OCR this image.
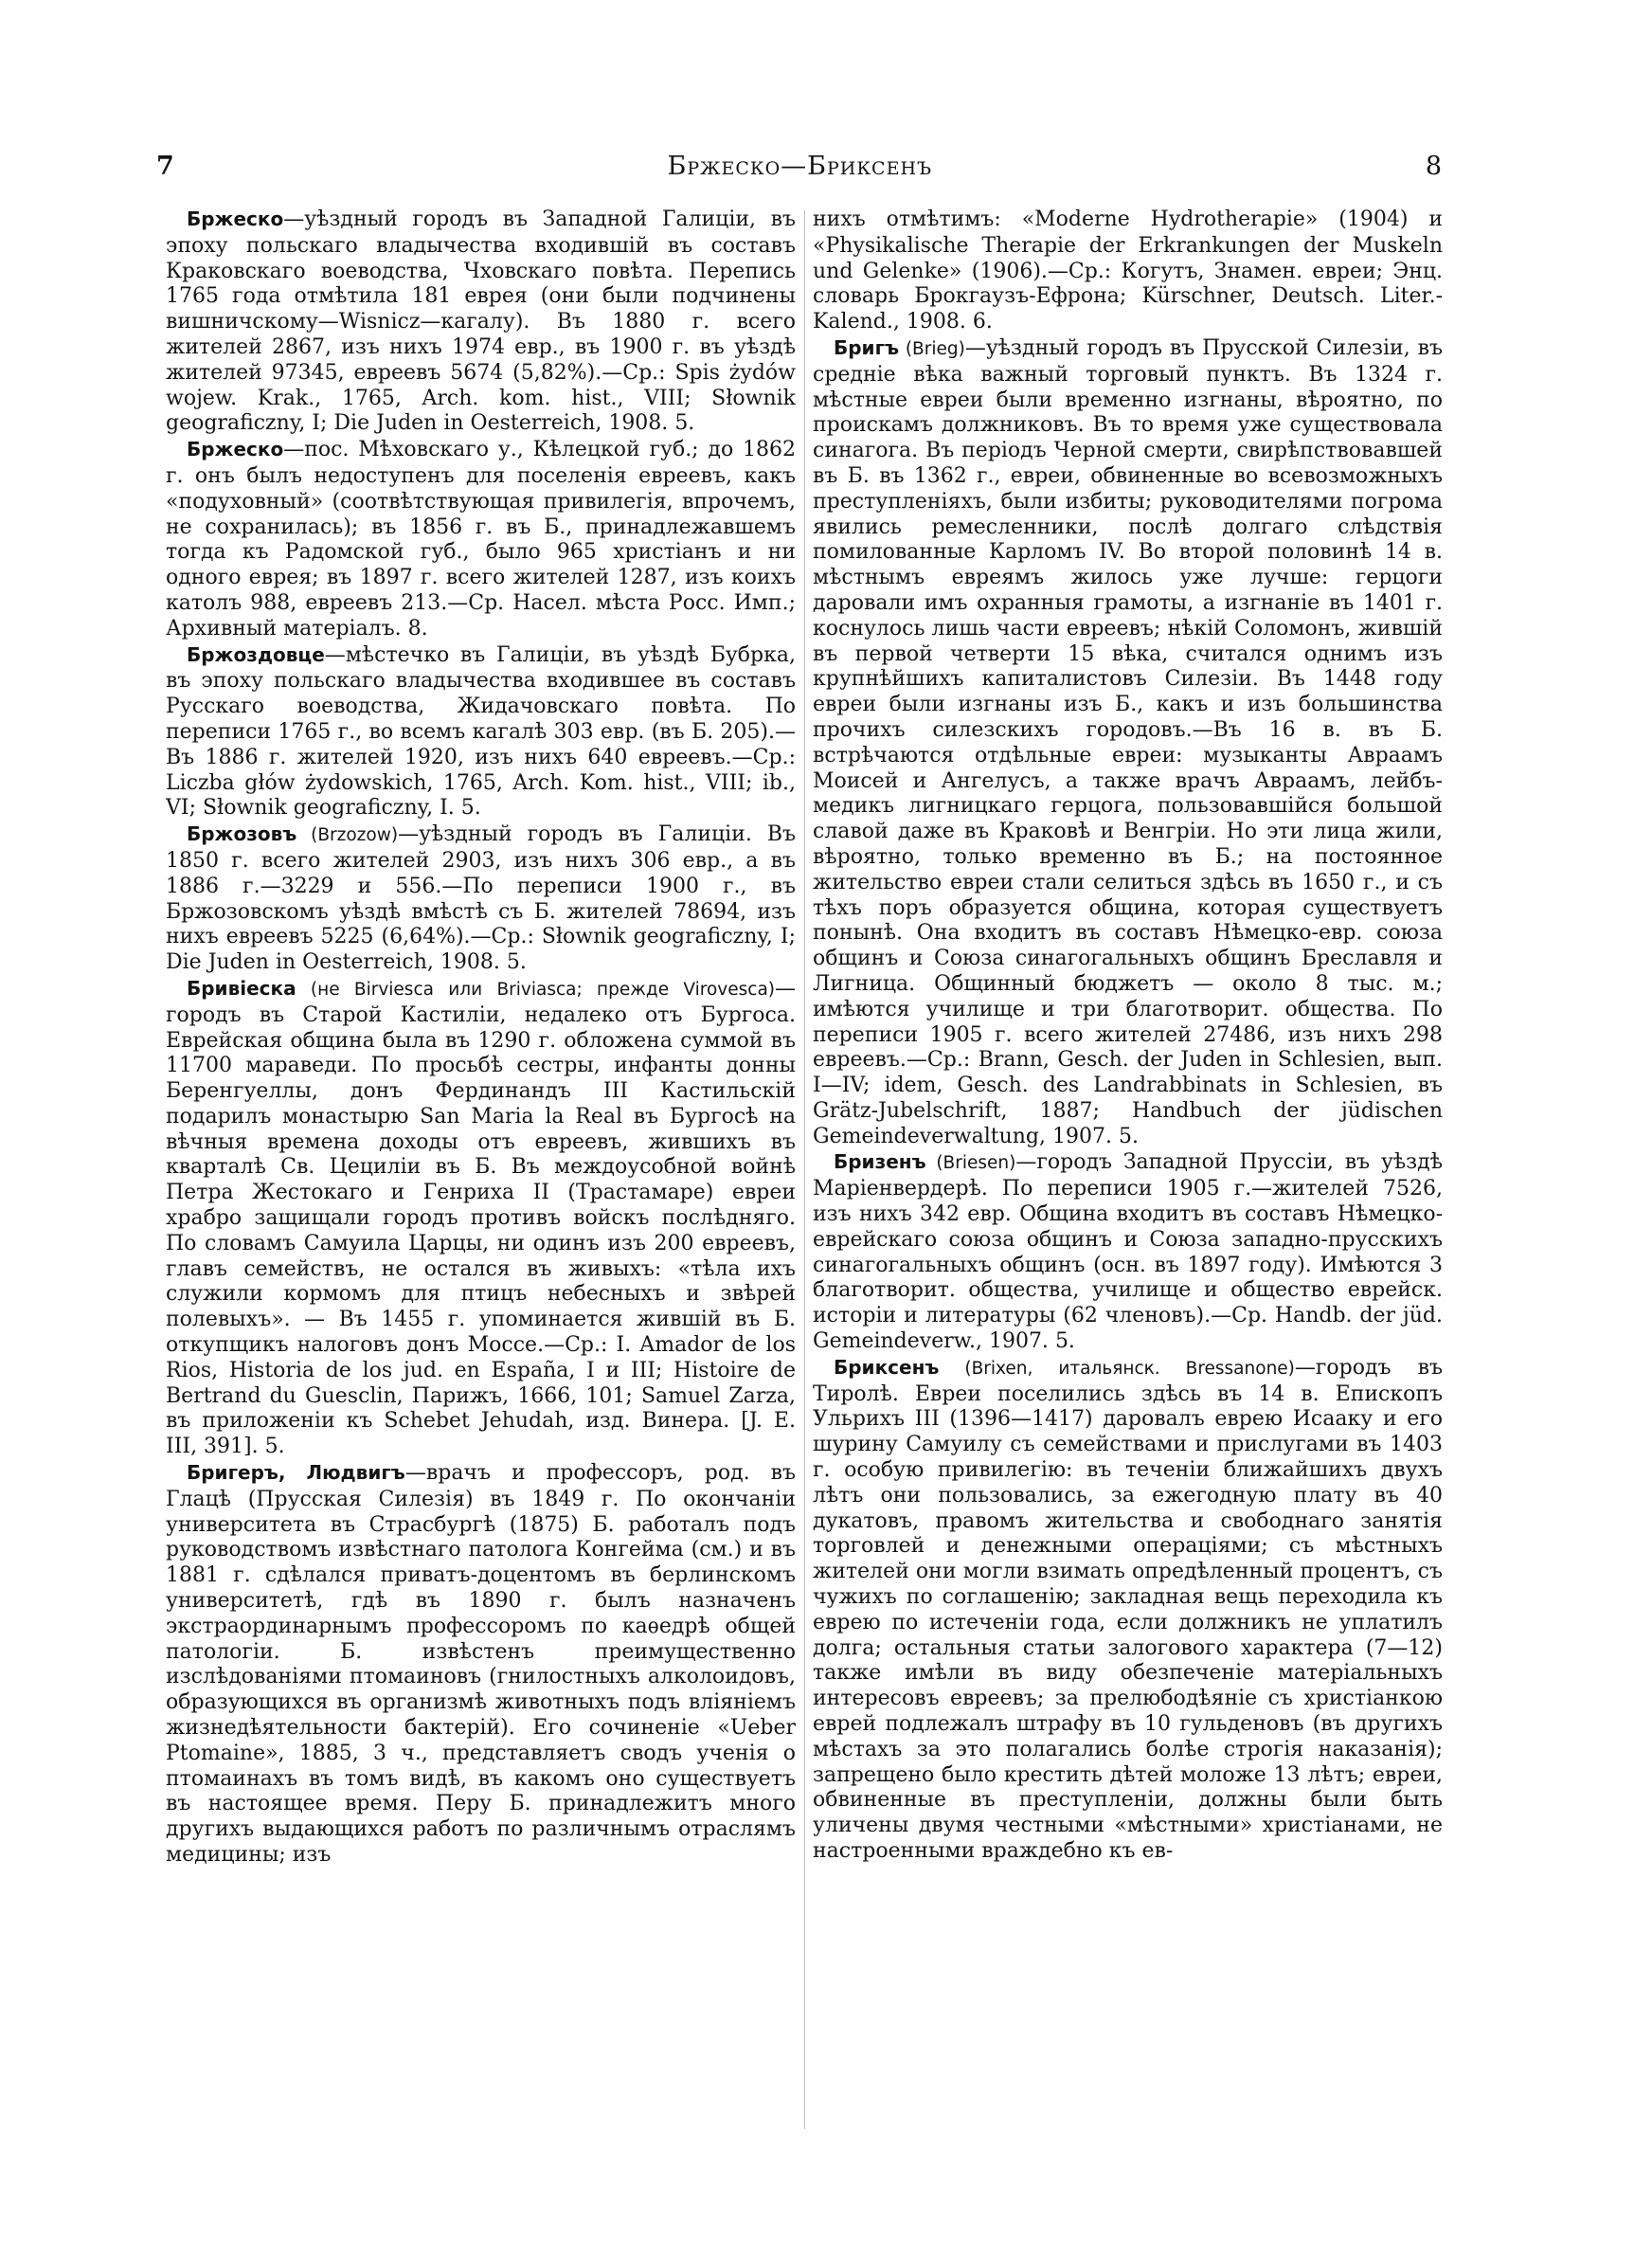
7	Бржеско—Бриксенъ	8

Бржеско—уѣздный городъ въ Западной Галиціи, въ эпоху польскаго владычества входившій въ составъ Краковскаго воеводства, Чховскаго повѣта. Перепись 1765 года отмѣтила 181 еврея (они были подчинены вишничскому—Wisnicz—кагалу). Въ 1880 г. всего жителей 2867, изъ нихъ 1974 евр., въ 1900 г. въ уѣздѣ жителей 97345, евреевъ 5674 (5,82%).—Ср.: Spis żydów wojew. Krak., 1765, Arch. kom. hist., VIII; Słownik geograficzny, I; Die Juden in Oesterreich, 1908. 5.

Бржеско—пос. Мѣховскаго у., Кѣлецкой губ.; до 1862 г. онъ былъ недоступенъ для поселенія евреевъ, какъ «подуховный» (соотвѣтствующая привилегія, впрочемъ, не сохранилась); въ 1856 г. въ Б., принадлежавшемъ тогда къ Радомской губ., было 965 христіанъ и ни одного еврея; въ 1897 г. всего жителей 1287, изъ коихъ католъ 988, евреевъ 213.—Ср. Насел. мѣста Росс. Имп.; Архивный матеріалъ. 8.

Бржоздовце—мѣстечко въ Галиціи, въ уѣздѣ Бубрка, въ эпоху польскаго владычества входившее въ составъ Русскаго воеводства, Жидачовскаго повѣта. По переписи 1765 г., во всемъ кагалѣ 303 евр. (въ Б. 205).—Въ 1886 г. жителей 1920, изъ нихъ 640 евреевъ.—Ср.: Liczba głów żydowskich, 1765, Arch. Kom. hist., VIII; ib., VI; Słownik geograficzny, I. 5.

Бржозовъ (Brzozow)—уѣздный городъ въ Галиціи. Въ 1850 г. всего жителей 2903, изъ нихъ 306 евр., а въ 1886 г.—3229 и 556.—По переписи 1900 г., въ Бржозовскомъ уѣздѣ вмѣстѣ съ Б. жителей 78694, изъ нихъ евреевъ 5225 (6,64%).—Ср.: Słownik geograficzny, I; Die Juden in Oesterreich, 1908. 5.

Бривіеска (не Birviesca или Briviasca; прежде Virovesca)—городъ въ Старой Кастиліи, недалеко отъ Бургоса. Еврейская община была въ 1290 г. обложена суммой въ 11700 мараведи. По просьбѣ сестры, инфанты донны Беренгуеллы, донъ Фердинандъ III Кастильскій подарилъ монастырю San Maria la Real въ Бургосѣ на вѣчныя времена доходы отъ евреевъ, жившихъ въ кварталѣ Св. Цециліи въ Б. Въ междоусобной войнѣ Петра Жестокаго и Генриха II (Трастамаре) евреи храбро защищали городъ противъ войскъ послѣдняго. По словамъ Самуила Царцы, ни одинъ изъ 200 евреевъ, главъ семействъ, не остался въ живыхъ: «тѣла ихъ служили кормомъ для птицъ небесныхъ и звѣрей полевыхъ». — Въ 1455 г. упоминается жившій въ Б. откупщикъ налоговъ донъ Моссе.—Ср.: I. Amador de los Rios, Historia de los jud. en España, I и III; Histoire de Bertrand du Guesclin, Парижъ, 1666, 101; Samuel Zarza, въ приложеніи къ Schebet Jehudah, изд. Винера. [J. E. III, 391]. 5.

Бригеръ, Людвигъ—врачъ и профессоръ, род. въ Глацѣ (Прусская Силезія) въ 1849 г. По окончаніи университета въ Страсбургѣ (1875) Б. работалъ подъ руководствомъ извѣстнаго патолога Конгейма (см.) и въ 1881 г. сдѣлался приватъ-доцентомъ въ берлинскомъ университетѣ, гдѣ въ 1890 г. былъ назначенъ экстраординарнымъ профессоромъ по каѳедрѣ общей патологіи. Б. извѣстенъ преимущественно изслѣдованіями птомаиновъ (гнилостныхъ алколоидовъ, образующихся въ организмѣ животныхъ подъ вліяніемъ жизнедѣятельности бактерій). Его сочиненіе «Ueber Ptomaine», 1885, 3 ч., представляетъ сводъ ученія о птомаинахъ въ томъ видѣ, въ какомъ оно существуетъ въ настоящее время. Перу Б. принадлежитъ много другихъ выдающихся работъ по различнымъ отраслямъ медицины; изъ

нихъ отмѣтимъ: «Moderne Hydrotherapie» (1904) и «Physikalische Therapie der Erkrankungen der Muskeln und Gelenke» (1906).—Ср.: Когутъ, Знамен. евреи; Энц. словарь Брокгаузъ-Ефрона; Kürschner, Deutsch. Liter.-Kalend., 1908. 6.

Бригъ (Brieg)—уѣздный городъ въ Прусской Силезіи, въ средніе вѣка важный торговый пунктъ. Въ 1324 г. мѣстные евреи были временно изгнаны, вѣроятно, по проискамъ должниковъ. Въ то время уже существовала синагога. Въ періодъ Черной смерти, свирѣпствовавшей въ Б. въ 1362 г., евреи, обвиненные во всевозможныхъ преступленіяхъ, были избиты; руководителями погрома явились ремесленники, послѣ долгаго слѣдствія помилованные Карломъ IV. Во второй половинѣ 14 в. мѣстнымъ евреямъ жилось уже лучше: герцоги даровали имъ охранныя грамоты, а изгнаніе въ 1401 г. коснулось лишь части евреевъ; нѣкій Соломонъ, жившій въ первой четверти 15 вѣка, считался однимъ изъ крупнѣйшихъ капиталистовъ Силезіи. Въ 1448 году евреи были изгнаны изъ Б., какъ и изъ большинства прочихъ силезскихъ городовъ.—Въ 16 в. въ Б. встрѣчаются отдѣльные евреи: музыканты Авраамъ Моисей и Ангелусъ, а также врачъ Авраамъ, лейбъ-медикъ лигницкаго герцога, пользовавшійся большой славой даже въ Краковѣ и Венгріи. Но эти лица жили, вѣроятно, только временно въ Б.; на постоянное жительство евреи стали селиться здѣсь въ 1650 г., и съ тѣхъ поръ образуется община, которая существуетъ понынѣ. Она входитъ въ составъ Нѣмецко-евр. союза общинъ и Союза синагогальныхъ общинъ Бреславля и Лигница. Общинный бюджетъ — около 8 тыс. м.; имѣются училище и три благотворит. общества. По переписи 1905 г. всего жителей 27486, изъ нихъ 298 евреевъ.—Ср.: Brann, Gesch. der Juden in Schlesien, вып. I—IV; idem, Gesch. des Landrabbinats in Schlesien, въ Grätz-Jubelschrift, 1887; Handbuch der jüdischen Gemeindeverwaltung, 1907. 5.

Бризенъ (Briesen)—городъ Западной Пруссіи, въ уѣздѣ Маріенвердерѣ. По переписи 1905 г.—жителей 7526, изъ нихъ 342 евр. Община входитъ въ составъ Нѣмецко-еврейскаго союза общинъ и Союза западно-прусскихъ синагогальныхъ общинъ (осн. въ 1897 году). Имѣются 3 благотворит. общества, училище и общество еврейск. исторіи и литературы (62 членовъ).—Ср. Handb. der jüd. Gemeindeverw., 1907. 5.

Бриксенъ (Brixen, итальянск. Bressanone)—городъ въ Тиролѣ. Евреи поселились здѣсь въ 14 в. Епископъ Ульрихъ III (1396—1417) даровалъ еврею Исааку и его шурину Самуилу съ семействами и прислугами въ 1403 г. особую привилегію: въ теченіи ближайшихъ двухъ лѣтъ они пользовались, за ежегодную плату въ 40 дукатовъ, правомъ жительства и свободнаго занятія торговлей и денежными операціями; съ мѣстныхъ жителей они могли взимать опредѣленный процентъ, съ чужихъ по соглашенію; закладная вещь переходила къ еврею по истеченіи года, если должникъ не уплатилъ долга; остальныя статьи залогового характера (7—12) также имѣли въ виду обезпеченіе матеріальныхъ интересовъ евреевъ; за прелюбодѣяніе съ христіанкою еврей подлежалъ штрафу въ 10 гульденовъ (въ другихъ мѣстахъ за это полагались болѣе строгія наказанія); запрещено было крестить дѣтей моложе 13 лѣтъ; евреи, обвиненные въ преступленіи, должны были быть уличены двумя честными «мѣстными» христіанами, не настроенными враждебно къ ев-
